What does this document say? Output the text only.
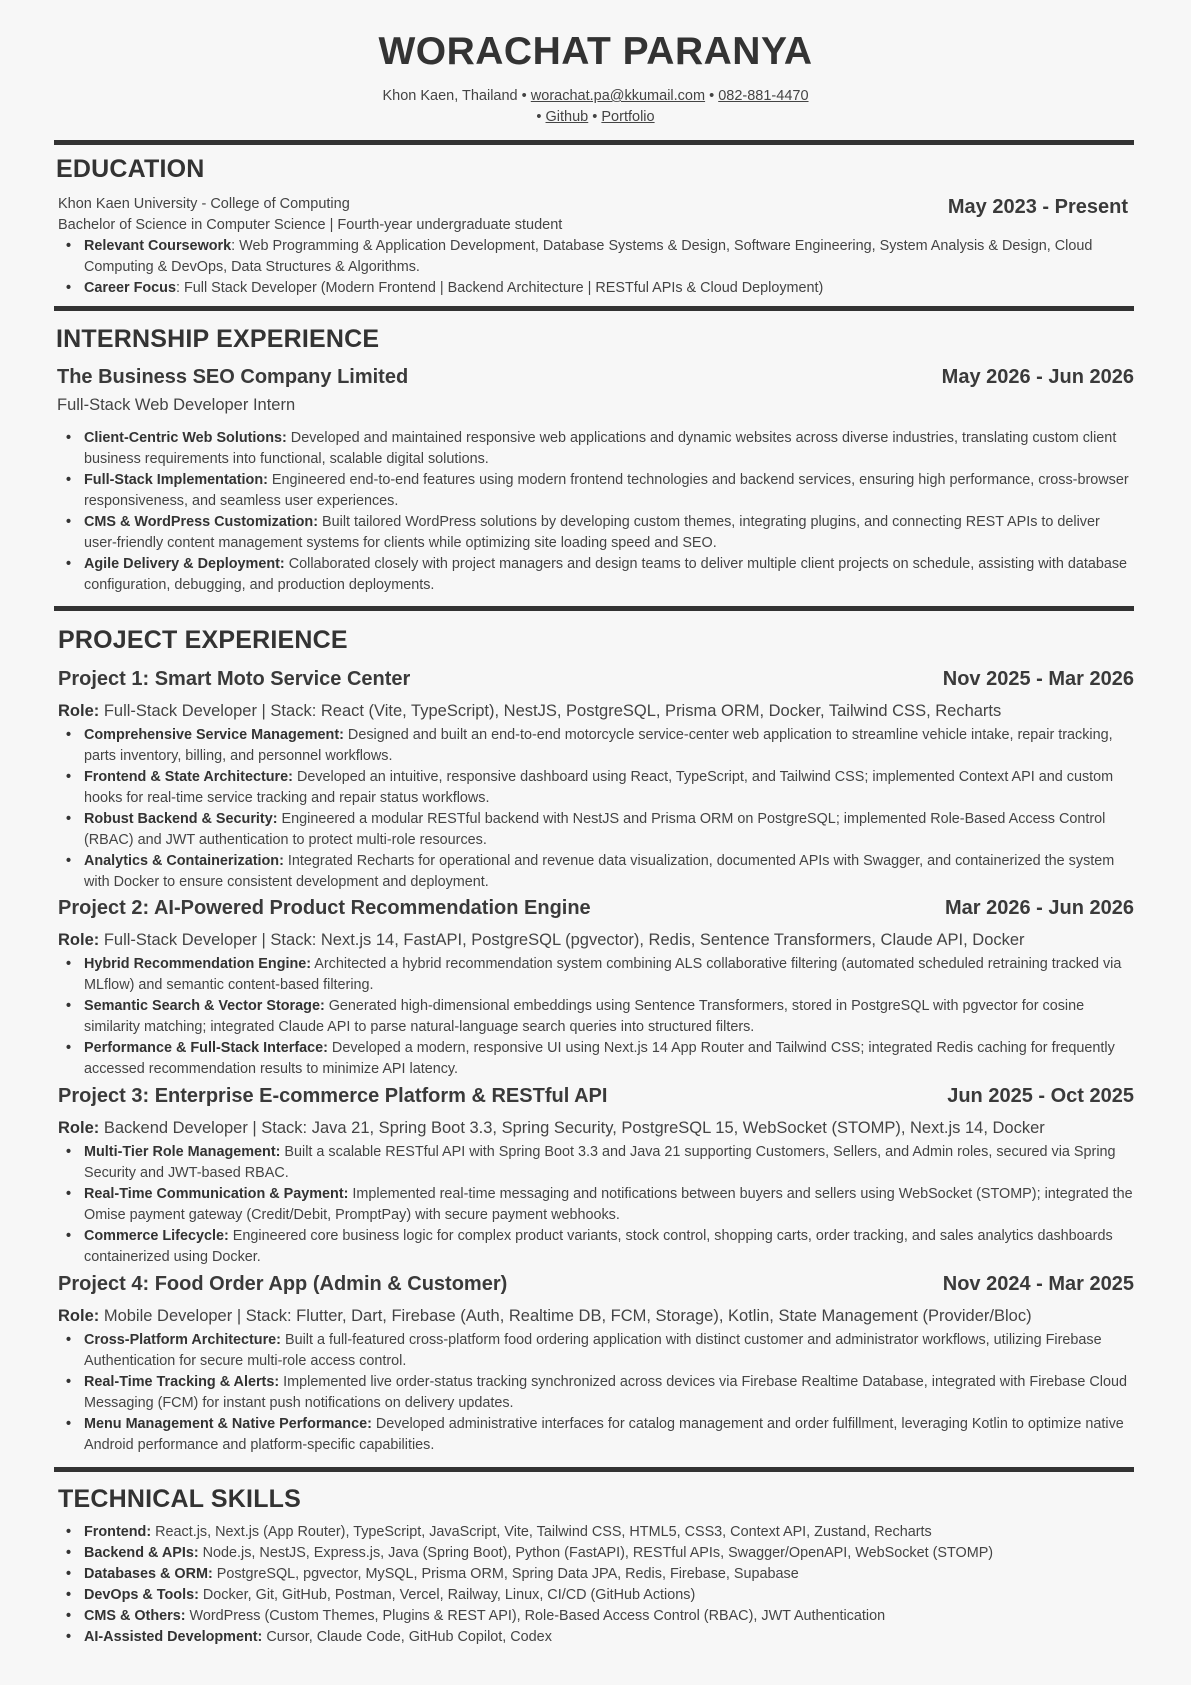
WORACHAT PARANYA
Khon Kaen, Thailand • worachat.pa@kkumail.com • 082-881-4470
• Github • Portfolio
EDUCATION
Khon Kaen University - College of Computing	May 2023 - Present
Bachelor of Science in Computer Science | Fourth-year undergraduate student
• Relevant Coursework: Web Programming & Application Development, Database Systems & Design, Software Engineering, System Analysis & Design, Cloud Computing & DevOps, Data Structures & Algorithms.
• Career Focus: Full Stack Developer (Modern Frontend | Backend Architecture | RESTful APIs & Cloud Deployment)
INTERNSHIP EXPERIENCE
The Business SEO Company Limited	May 2026 - Jun 2026
Full-Stack Web Developer Intern
• Client-Centric Web Solutions: Developed and maintained responsive web applications and dynamic websites across diverse industries, translating custom client business requirements into functional, scalable digital solutions.
• Full-Stack Implementation: Engineered end-to-end features using modern frontend technologies and backend services, ensuring high performance, cross-browser responsiveness, and seamless user experiences.
• CMS & WordPress Customization: Built tailored WordPress solutions by developing custom themes, integrating plugins, and connecting REST APIs to deliver user-friendly content management systems for clients while optimizing site loading speed and SEO.
• Agile Delivery & Deployment: Collaborated closely with project managers and design teams to deliver multiple client projects on schedule, assisting with database configuration, debugging, and production deployments.
PROJECT EXPERIENCE
Project 1: Smart Moto Service Center	Nov 2025 - Mar 2026
Role: Full-Stack Developer | Stack: React (Vite, TypeScript), NestJS, PostgreSQL, Prisma ORM, Docker, Tailwind CSS, Recharts
• Comprehensive Service Management: Designed and built an end-to-end motorcycle service-center web application to streamline vehicle intake, repair tracking, parts inventory, billing, and personnel workflows.
• Frontend & State Architecture: Developed an intuitive, responsive dashboard using React, TypeScript, and Tailwind CSS; implemented Context API and custom hooks for real-time service tracking and repair status workflows.
• Robust Backend & Security: Engineered a modular RESTful backend with NestJS and Prisma ORM on PostgreSQL; implemented Role-Based Access Control (RBAC) and JWT authentication to protect multi-role resources.
• Analytics & Containerization: Integrated Recharts for operational and revenue data visualization, documented APIs with Swagger, and containerized the system with Docker to ensure consistent development and deployment.
Project 2: AI-Powered Product Recommendation Engine	Mar 2026 - Jun 2026
Role: Full-Stack Developer | Stack: Next.js 14, FastAPI, PostgreSQL (pgvector), Redis, Sentence Transformers, Claude API, Docker
• Hybrid Recommendation Engine: Architected a hybrid recommendation system combining ALS collaborative filtering (automated scheduled retraining tracked via MLflow) and semantic content-based filtering.
• Semantic Search & Vector Storage: Generated high-dimensional embeddings using Sentence Transformers, stored in PostgreSQL with pgvector for cosine similarity matching; integrated Claude API to parse natural-language search queries into structured filters.
• Performance & Full-Stack Interface: Developed a modern, responsive UI using Next.js 14 App Router and Tailwind CSS; integrated Redis caching for frequently accessed recommendation results to minimize API latency.
Project 3: Enterprise E-commerce Platform & RESTful API	Jun 2025 - Oct 2025
Role: Backend Developer | Stack: Java 21, Spring Boot 3.3, Spring Security, PostgreSQL 15, WebSocket (STOMP), Next.js 14, Docker
• Multi-Tier Role Management: Built a scalable RESTful API with Spring Boot 3.3 and Java 21 supporting Customers, Sellers, and Admin roles, secured via Spring Security and JWT-based RBAC.
• Real-Time Communication & Payment: Implemented real-time messaging and notifications between buyers and sellers using WebSocket (STOMP); integrated the Omise payment gateway (Credit/Debit, PromptPay) with secure payment webhooks.
• Commerce Lifecycle: Engineered core business logic for complex product variants, stock control, shopping carts, order tracking, and sales analytics dashboards containerized using Docker.
Project 4: Food Order App (Admin & Customer)	Nov 2024 - Mar 2025
Role: Mobile Developer | Stack: Flutter, Dart, Firebase (Auth, Realtime DB, FCM, Storage), Kotlin, State Management (Provider/Bloc)
• Cross-Platform Architecture: Built a full-featured cross-platform food ordering application with distinct customer and administrator workflows, utilizing Firebase Authentication for secure multi-role access control.
• Real-Time Tracking & Alerts: Implemented live order-status tracking synchronized across devices via Firebase Realtime Database, integrated with Firebase Cloud Messaging (FCM) for instant push notifications on delivery updates.
• Menu Management & Native Performance: Developed administrative interfaces for catalog management and order fulfillment, leveraging Kotlin to optimize native Android performance and platform-specific capabilities.
TECHNICAL SKILLS
• Frontend: React.js, Next.js (App Router), TypeScript, JavaScript, Vite, Tailwind CSS, HTML5, CSS3, Context API, Zustand, Recharts
• Backend & APIs: Node.js, NestJS, Express.js, Java (Spring Boot), Python (FastAPI), RESTful APIs, Swagger/OpenAPI, WebSocket (STOMP)
• Databases & ORM: PostgreSQL, pgvector, MySQL, Prisma ORM, Spring Data JPA, Redis, Firebase, Supabase
• DevOps & Tools: Docker, Git, GitHub, Postman, Vercel, Railway, Linux, CI/CD (GitHub Actions)
• CMS & Others: WordPress (Custom Themes, Plugins & REST API), Role-Based Access Control (RBAC), JWT Authentication
• AI-Assisted Development: Cursor, Claude Code, GitHub Copilot, Codex
